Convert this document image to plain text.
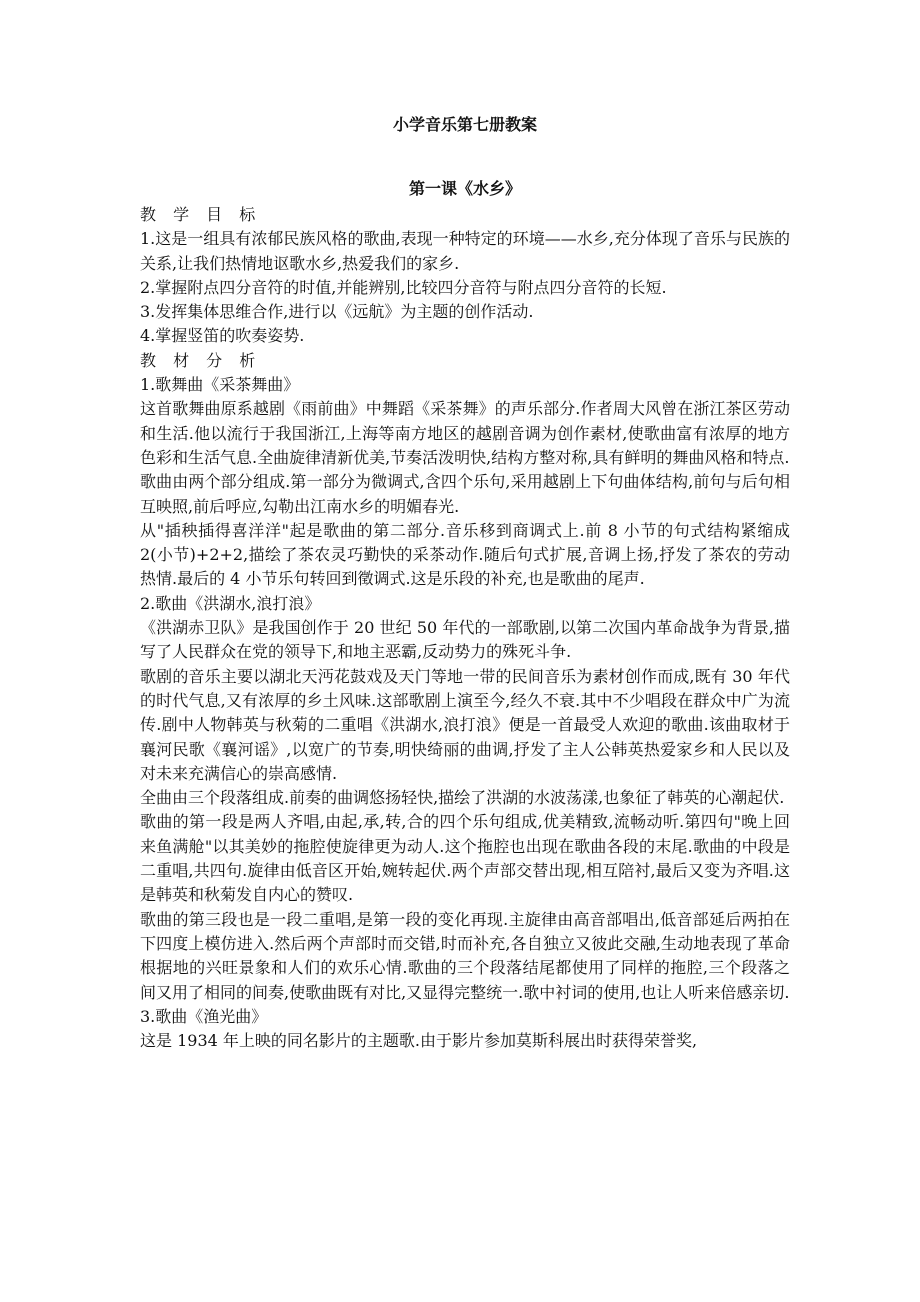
小学音乐第七册教案
第一课《水乡》

教 学 目 标

1.这是一组具有浓郁民族风格的歌曲,表现一种特定的环境——水乡,充分体现了音乐与民族的关系,让我们热情地讴歌水乡,热爱我们的家乡.

2.掌握附点四分音符的时值,并能辨别,比较四分音符与附点四分音符的长短.

3.发挥集体思维合作,进行以《远航》为主题的创作活动.

4.掌握竖笛的吹奏姿势.

教 材 分 析

1.歌舞曲《采茶舞曲》

这首歌舞曲原系越剧《雨前曲》中舞蹈《采茶舞》的声乐部分.作者周大风曾在浙江茶区劳动和生活.他以流行于我国浙江,上海等南方地区的越剧音调为创作素材,使歌曲富有浓厚的地方色彩和生活气息.全曲旋律清新优美,节奏活泼明快,结构方整对称,具有鲜明的舞曲风格和特点.

歌曲由两个部分组成.第一部分为微调式,含四个乐句,采用越剧上下句曲体结构,前句与后句相互映照,前后呼应,勾勒出江南水乡的明媚春光.

从"插秧插得喜洋洋"起是歌曲的第二部分.音乐移到商调式上.前 8 小节的句式结构紧缩成 2(小节)+2+2,描绘了茶农灵巧勤快的采茶动作.随后句式扩展,音调上扬,抒发了茶农的劳动热情.最后的 4 小节乐句转回到徵调式.这是乐段的补充,也是歌曲的尾声.

2.歌曲《洪湖水,浪打浪》

《洪湖赤卫队》是我国创作于 20 世纪 50 年代的一部歌剧,以第二次国内革命战争为背景,描写了人民群众在党的领导下,和地主恶霸,反动势力的殊死斗争.

歌剧的音乐主要以湖北天沔花鼓戏及天门等地一带的民间音乐为素材创作而成,既有 30 年代的时代气息,又有浓厚的乡土风味.这部歌剧上演至今,经久不衰.其中不少唱段在群众中广为流传.剧中人物韩英与秋菊的二重唱《洪湖水,浪打浪》便是一首最受人欢迎的歌曲.该曲取材于襄河民歌《襄河谣》,以宽广的节奏,明快绮丽的曲调,抒发了主人公韩英热爱家乡和人民以及对未来充满信心的崇高感情.

全曲由三个段落组成.前奏的曲调悠扬轻快,描绘了洪湖的水波荡漾,也象征了韩英的心潮起伏.

歌曲的第一段是两人齐唱,由起,承,转,合的四个乐句组成,优美精致,流畅动听.第四句"晚上回来鱼满舱"以其美妙的拖腔使旋律更为动人.这个拖腔也出现在歌曲各段的末尾.歌曲的中段是二重唱,共四句.旋律由低音区开始,婉转起伏.两个声部交替出现,相互陪衬,最后又变为齐唱.这是韩英和秋菊发自内心的赞叹.

歌曲的第三段也是一段二重唱,是第一段的变化再现.主旋律由高音部唱出,低音部延后两拍在下四度上模仿进入.然后两个声部时而交错,时而补充,各自独立又彼此交融,生动地表现了革命根据地的兴旺景象和人们的欢乐心情.歌曲的三个段落结尾都使用了同样的拖腔,三个段落之间又用了相同的间奏,使歌曲既有对比,又显得完整统一.歌中衬词的使用,也让人听来倍感亲切.

3.歌曲《渔光曲》

这是 1934 年上映的同名影片的主题歌.由于影片参加莫斯科展出时获得荣誉奖,
